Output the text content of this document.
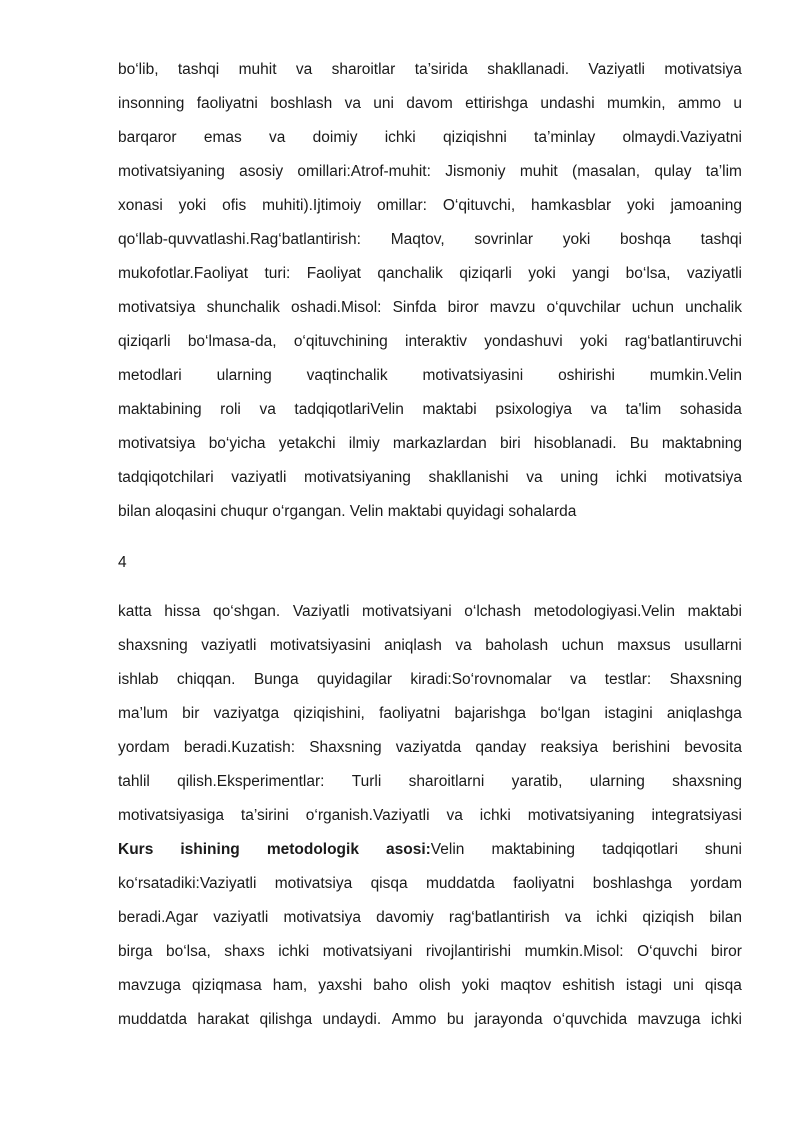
bo‘lib, tashqi muhit va sharoitlar ta’sirida shakllanadi. Vaziyatli motivatsiya
insonning faoliyatni boshlash va uni davom ettirishga undashi mumkin, ammo u
barqaror emas va doimiy ichki qiziqishni ta’minlay olmaydi.Vaziyatni
motivatsiyaning asosiy omillari:Atrof-muhit: Jismoniy muhit (masalan, qulay ta’lim
xonasi yoki ofis muhiti).Ijtimoiy omillar: O‘qituvchi, hamkasblar yoki jamoaning
qo‘llab-quvvatlashi.Rag‘batlantirish: Maqtov, sovrinlar yoki boshqa tashqi
mukofotlar.Faoliyat turi: Faoliyat qanchalik qiziqarli yoki yangi bo‘lsa, vaziyatli
motivatsiya shunchalik oshadi.Misol: Sinfda biror mavzu o‘quvchilar uchun unchalik
qiziqarli bo‘lmasa-da, o‘qituvchining interaktiv yondashuvi yoki rag‘batlantiruvchi
metodlari ularning vaqtinchalik motivatsiyasini oshirishi mumkin.Velin
maktabining roli va tadqiqotlariVelin maktabi psixologiya va ta'lim sohasida
motivatsiya bo‘yicha yetakchi ilmiy markazlardan biri hisoblanadi. Bu maktabning
tadqiqotchilari vaziyatli motivatsiyaning shakllanishi va uning ichki motivatsiya
bilan aloqasini chuqur o‘rgangan. Velin maktabi quyidagi sohalarda
4
katta hissa qo‘shgan. Vaziyatli motivatsiyani o‘lchash metodologiyasi.Velin maktabi
shaxsning vaziyatli motivatsiyasini aniqlash va baholash uchun maxsus usullarni
ishlab chiqqan. Bunga quyidagilar kiradi:So‘rovnomalar va testlar: Shaxsning
ma’lum bir vaziyatga qiziqishini, faoliyatni bajarishga bo‘lgan istagini aniqlashga
yordam beradi.Kuzatish: Shaxsning vaziyatda qanday reaksiya berishini bevosita
tahlil qilish.Eksperimentlar: Turli sharoitlarni yaratib, ularning shaxsning
motivatsiyasiga ta’sirini o‘rganish.Vaziyatli va ichki motivatsiyaning integratsiyasi
Kurs ishining metodologik asosi:Velin maktabining tadqiqotlari shuni
ko‘rsatadiki:Vaziyatli motivatsiya qisqa muddatda faoliyatni boshlashga yordam
beradi.Agar vaziyatli motivatsiya davomiy rag‘batlantirish va ichki qiziqish bilan
birga bo‘lsa, shaxs ichki motivatsiyani rivojlantirishi mumkin.Misol: O‘quvchi biror
mavzuga qiziqmasa ham, yaxshi baho olish yoki maqtov eshitish istagi uni qisqa
muddatda harakat qilishga undaydi. Ammo bu jarayonda o‘quvchida mavzuga ichki
